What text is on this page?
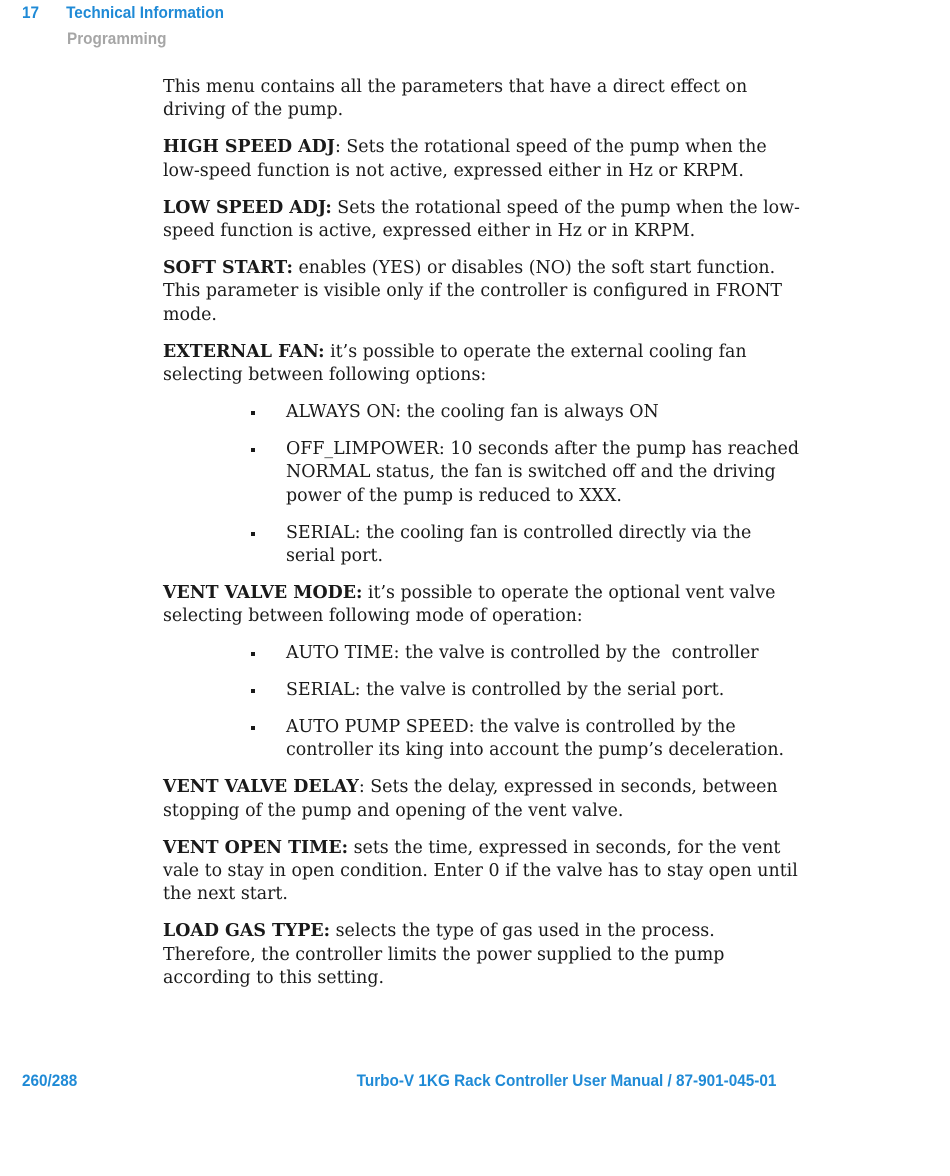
17 Technical Information
Programming

This menu contains all the parameters that have a direct effect on driving of the pump.

HIGH SPEED ADJ: Sets the rotational speed of the pump when the low-speed function is not active, expressed either in Hz or KRPM.

LOW SPEED ADJ: Sets the rotational speed of the pump when the low-speed function is active, expressed either in Hz or in KRPM.

SOFT START: enables (YES) or disables (NO) the soft start function. This parameter is visible only if the controller is configured in FRONT mode.

EXTERNAL FAN: it’s possible to operate the external cooling fan selecting between following options:

ALWAYS ON: the cooling fan is always ON
OFF_LIMPOWER: 10 seconds after the pump has reached NORMAL status, the fan is switched off and the driving power of the pump is reduced to XXX.
SERIAL: the cooling fan is controlled directly via the serial port.

VENT VALVE MODE: it’s possible to operate the optional vent valve selecting between following mode of operation:

AUTO TIME: the valve is controlled by the  controller
SERIAL: the valve is controlled by the serial port.
AUTO PUMP SPEED: the valve is controlled by the controller its king into account the pump’s deceleration.

VENT VALVE DELAY: Sets the delay, expressed in seconds, between stopping of the pump and opening of the vent valve.

VENT OPEN TIME: sets the time, expressed in seconds, for the vent vale to stay in open condition. Enter 0 if the valve has to stay open until the next start.

LOAD GAS TYPE: selects the type of gas used in the process. Therefore, the controller limits the power supplied to the pump according to this setting.

260/288	Turbo-V 1KG Rack Controller User Manual / 87-901-045-01
